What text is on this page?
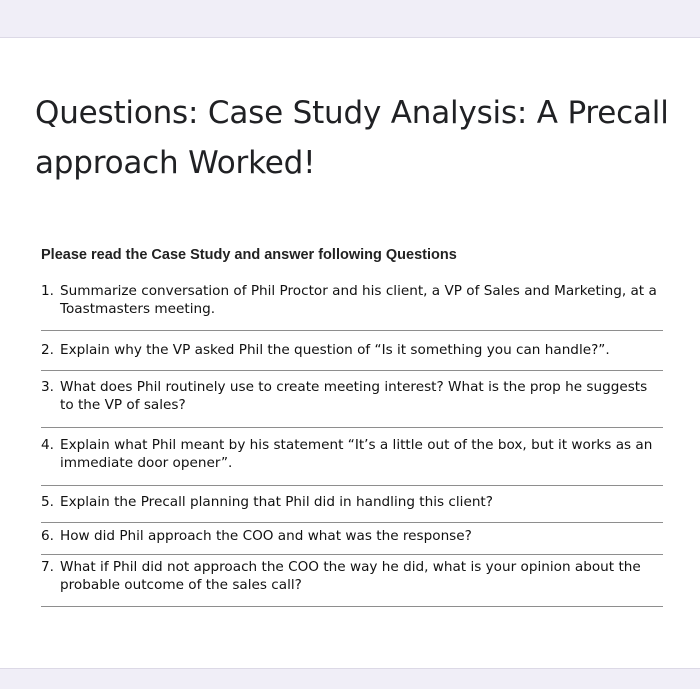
Questions: Case Study Analysis: A Precall approach Worked!

Please read the Case Study and answer following Questions

1. Summarize conversation of Phil Proctor and his client, a VP of Sales and Marketing, at a Toastmasters meeting.
2. Explain why the VP asked Phil the question of “Is it something you can handle?”.
3. What does Phil routinely use to create meeting interest? What is the prop he suggests to the VP of sales?
4. Explain what Phil meant by his statement “It’s a little out of the box, but it works as an immediate door opener”.
5. Explain the Precall planning that Phil did in handling this client?
6. How did Phil approach the COO and what was the response?
7. What if Phil did not approach the COO the way he did, what is your opinion about the probable outcome of the sales call?
